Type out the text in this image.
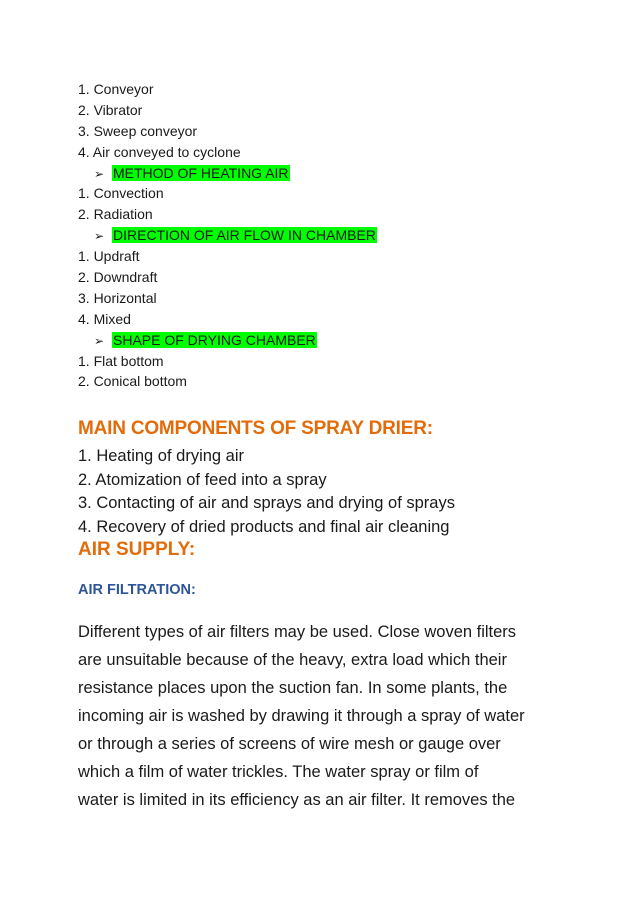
1. Conveyor
2. Vibrator
3. Sweep conveyor
4. Air conveyed to cyclone
➢ METHOD OF HEATING AIR
1. Convection
2. Radiation
➢ DIRECTION OF AIR FLOW IN CHAMBER
1. Updraft
2. Downdraft
3. Horizontal
4. Mixed
➢ SHAPE OF DRYING CHAMBER
1. Flat bottom
2. Conical bottom
MAIN COMPONENTS OF SPRAY DRIER:
1. Heating of drying air
2. Atomization of feed into a spray
3. Contacting of air and sprays and drying of sprays
4. Recovery of dried products and final air cleaning
AIR SUPPLY:
AIR FILTRATION:
Different types of air filters may be used. Close woven filters
are unsuitable because of the heavy, extra load which their
resistance places upon the suction fan. In some plants, the
incoming air is washed by drawing it through a spray of water
or through a series of screens of wire mesh or gauge over
which a film of water trickles. The water spray or film of
water is limited in its efficiency as an air filter. It removes the
